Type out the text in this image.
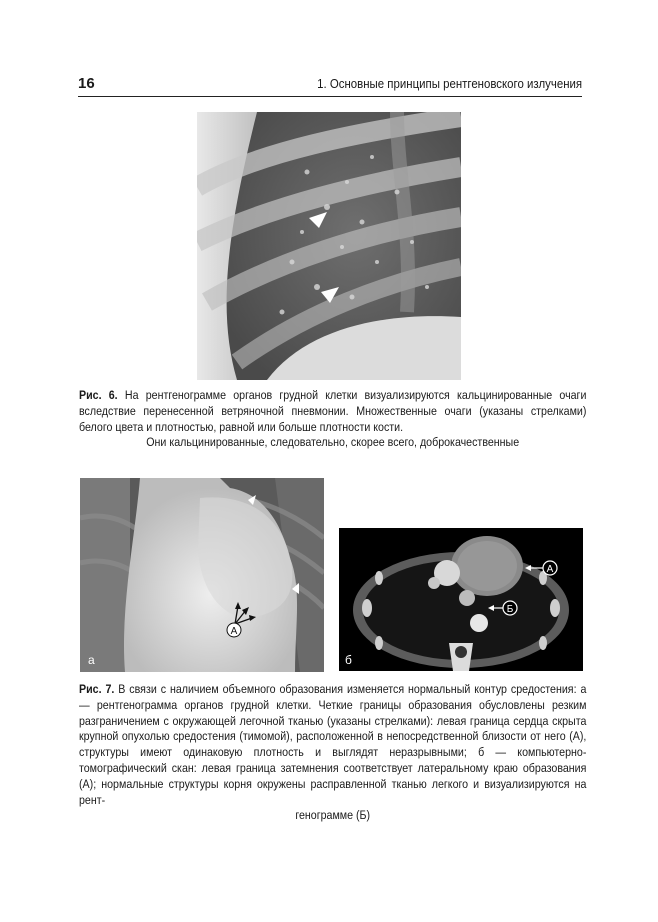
16	1. Основные принципы рентгеновского излучения
Рис. 6. На рентгенограмме органов грудной клетки визуализируются кальцинированные очаги вследствие перенесенной ветряночной пневмонии. Множественные очаги (указаны стрелками) белого цвета и плотностью, равной или больше плотности кости.
Они кальцинированные, следовательно, скорее всего, доброкачественные
A
а
A
Б
б
Рис. 7. В связи с наличием объемного образования изменяется нормальный контур средостения: а — рентгенограмма органов грудной клетки. Четкие границы образования обусловлены резким разграничением с окружающей легочной тканью (указаны стрелками): левая граница сердца скрыта крупной опухолью средостения (тимомой), расположенной в непосредственной близости от него (А), структуры имеют одинаковую плотность и выглядят неразрывными; б — компьютерно-томографический скан: левая граница затемнения соответствует латеральному краю образования (А); нормальные структуры корня окружены расправленной тканью легкого и визуализируются на рент-
генограмме (Б)
